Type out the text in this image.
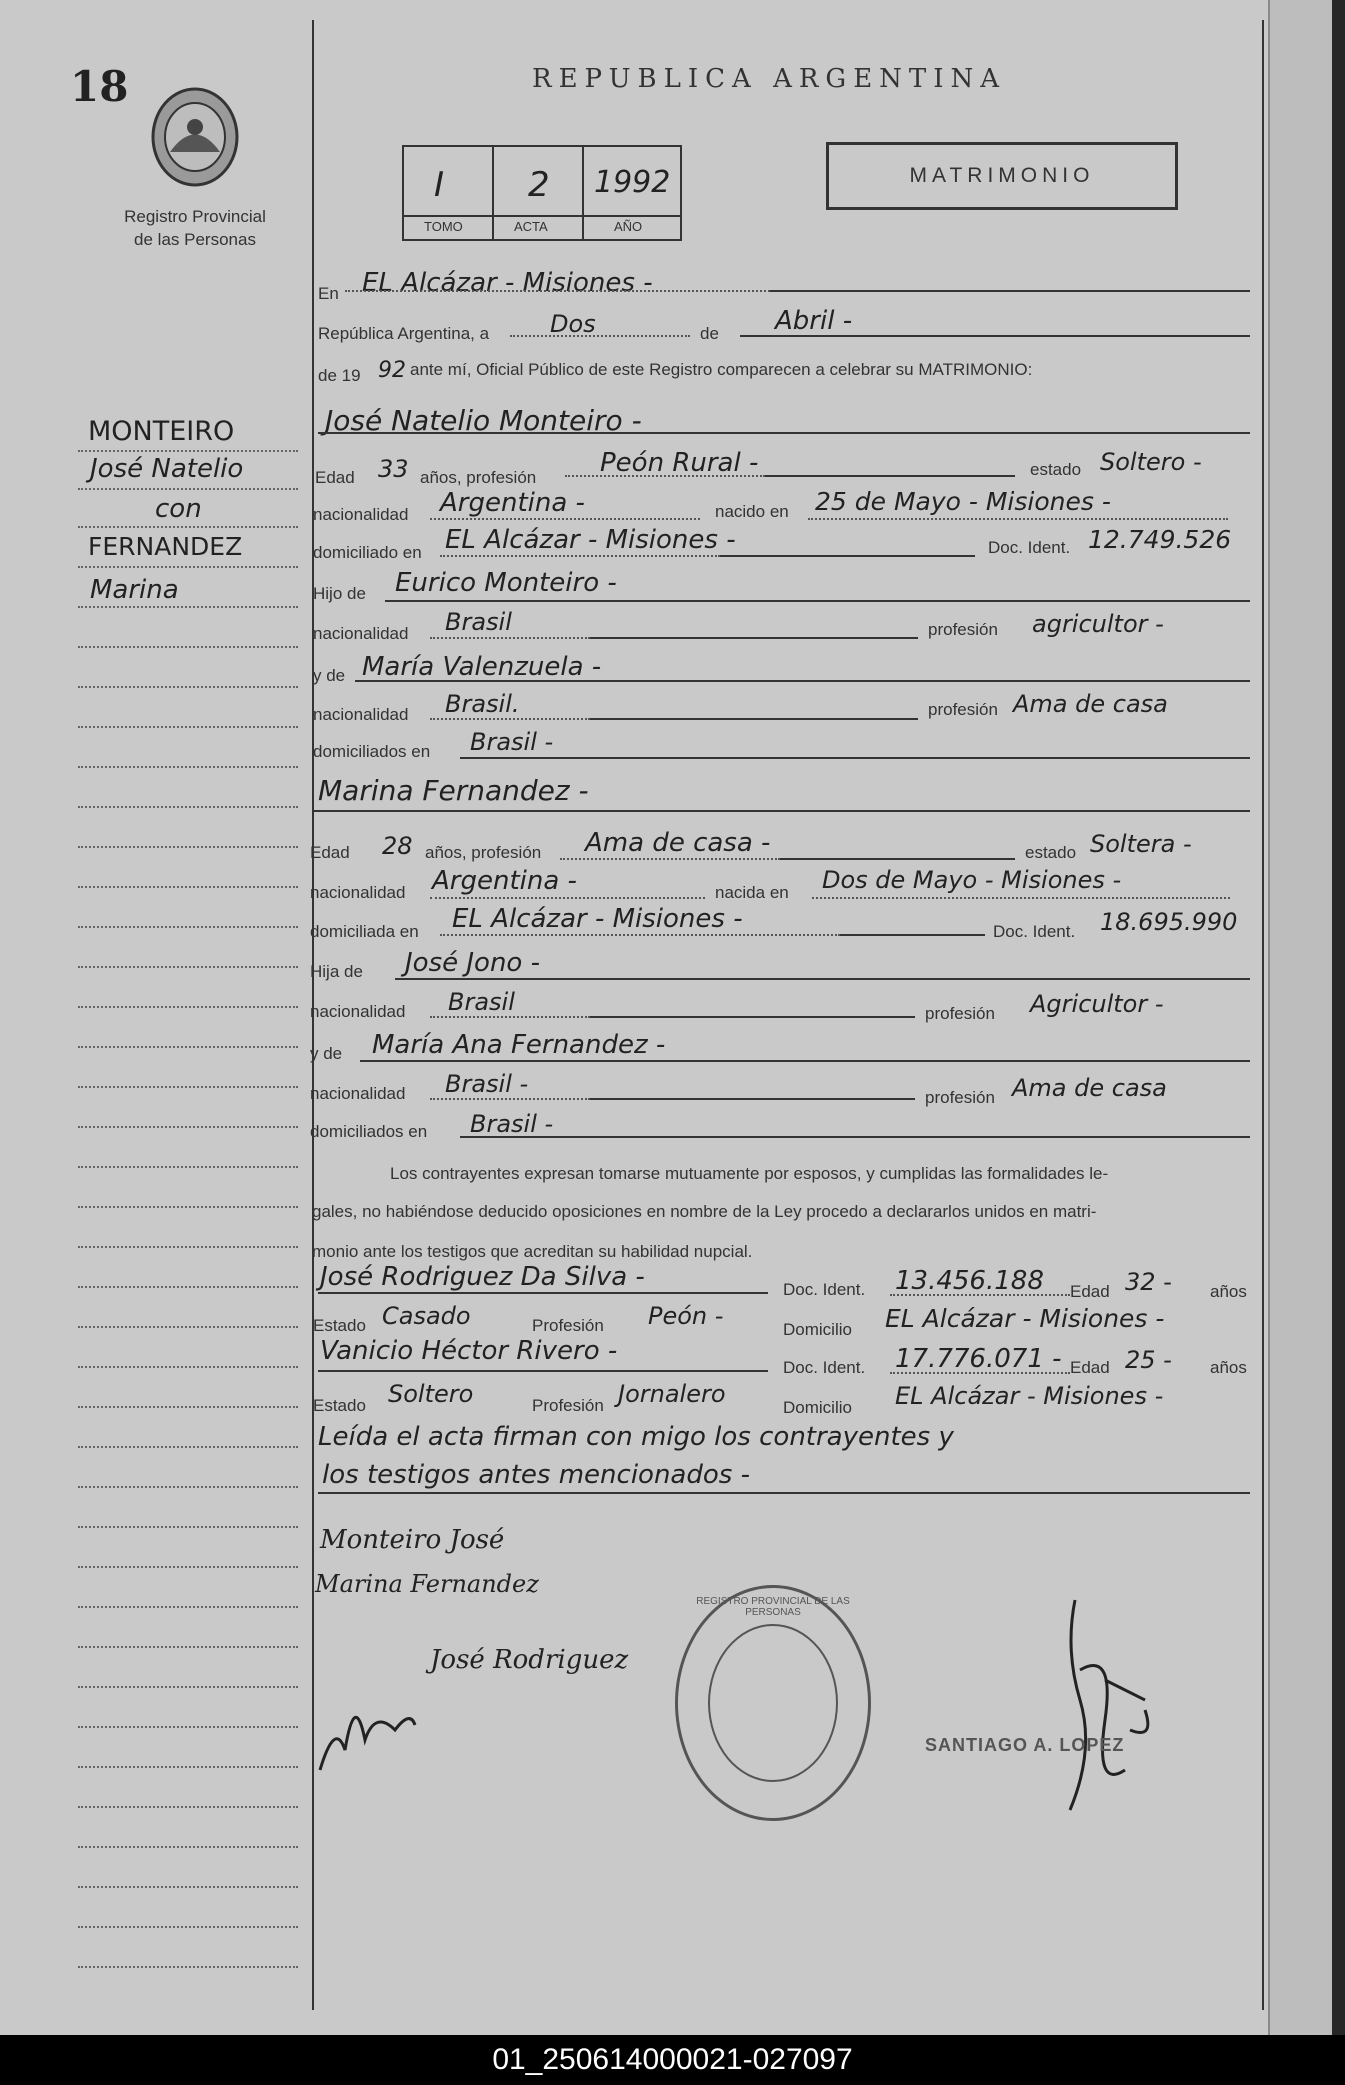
18
Registro Provincial
de las Personas
REPUBLICA ARGENTINA
I 2 1992
TOMO	ACTA	AÑO
MATRIMONIO
MONTEIRO
José Natelio
con
FERNANDEZ
Marina
En EL Alcázar - Misiones -
República Argentina, a	Dos	de Abril -
de 19 92 ante mí, Oficial Público de este Registro comparecen a celebrar su MATRIMONIO:
José Natelio Monteiro -
Edad 33 años, profesión Peón Rural -	estado Soltero -
nacionalidad Argentina -	nacido en 25 de Mayo - Misiones -
domiciliado en EL Alcázar - Misiones -	Doc. Ident. 12.749.526
Hijo de Eurico Monteiro -
nacionalidad Brasil	profesión agricultor -
y de María Valenzuela -
nacionalidad Brasil.	profesión Ama de casa
domiciliados en Brasil -
Marina Fernandez -
Edad 28 años, profesión Ama de casa -	estado Soltera -
nacionalidad Argentina -	nacida en Dos de Mayo - Misiones -
domiciliada en EL Alcázar - Misiones -	Doc. Ident. 18.695.990
Hija de José Jono -
nacionalidad Brasil	profesión Agricultor -
y de María Ana Fernandez -
nacionalidad Brasil -	profesión Ama de casa
domiciliados en Brasil -
Los contrayentes expresan tomarse mutuamente por esposos, y cumplidas las formalidades le-
gales, no habiéndose deducido oposiciones en nombre de la Ley procedo a declararlos unidos en matri-
monio ante los testigos que acreditan su habilidad nupcial.
José Rodriguez Da Silva -	Doc. Ident. 13.456.188 Edad 32 - años
Estado Casado	Profesión Peón -	Domicilio EL Alcázar - Misiones -
Vanicio Héctor Rivero -
Doc. Ident. 17.776.071 - Edad 25 - años
Estado Soltero	Profesión Jornalero	Domicilio EL Alcázar - Misiones -
Leída el acta firman con migo los contrayentes y
los testigos antes mencionados -
Monteiro José
Marina Fernandez
José Rodriguez
REGISTRO PROVINCIAL DE LAS PERSONAS
SANTIAGO A. LOPEZ
01_250614000021-027097
